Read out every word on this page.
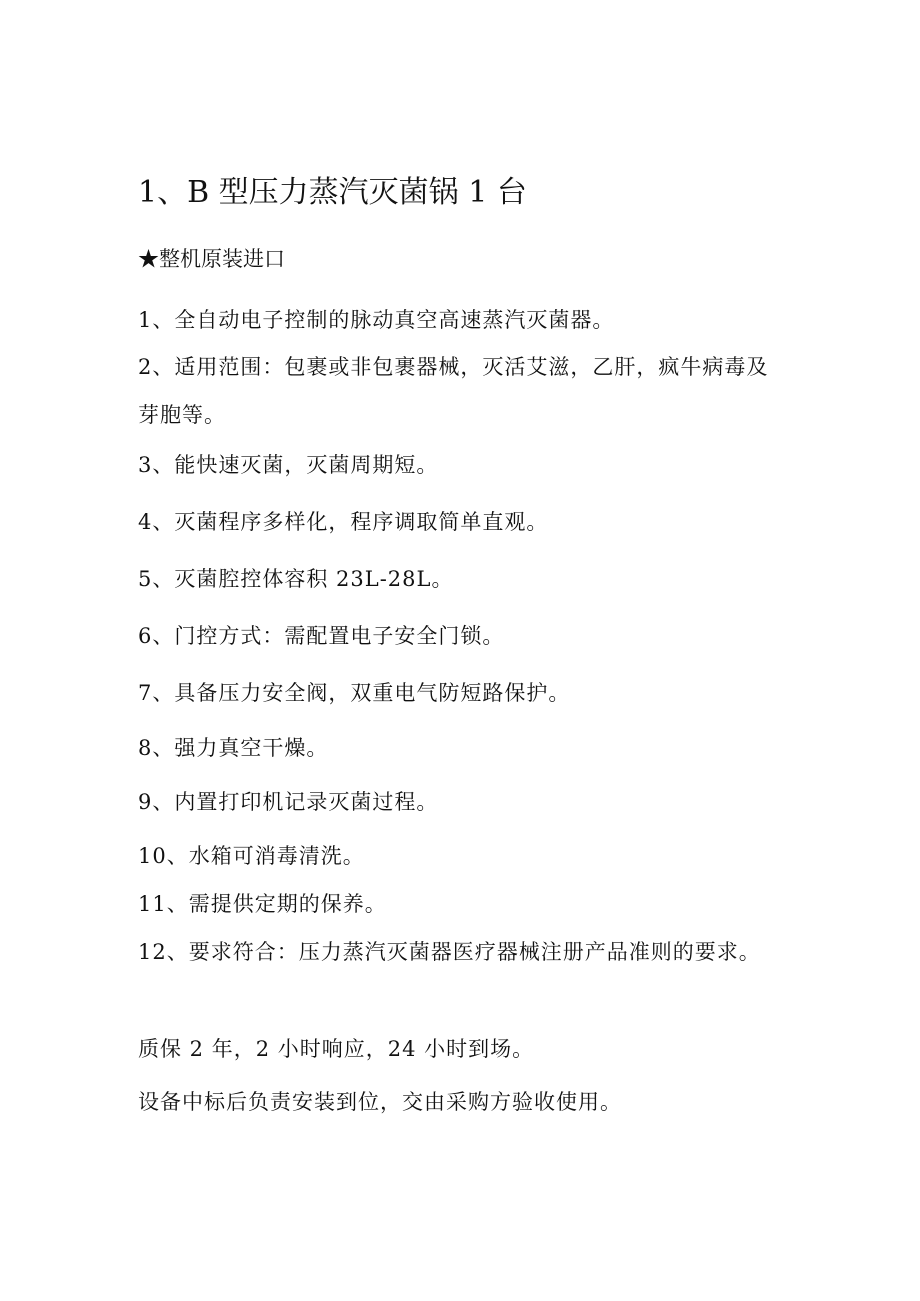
1、B 型压力蒸汽灭菌锅 1 台

★整机原装进口

1、全自动电子控制的脉动真空高速蒸汽灭菌器。

2、适用范围：包裹或非包裹器械，灭活艾滋，乙肝，疯牛病毒及芽胞等。

3、能快速灭菌，灭菌周期短。

4、灭菌程序多样化，程序调取简单直观。

5、灭菌腔控体容积 23L-28L。

6、门控方式：需配置电子安全门锁。

7、具备压力安全阀，双重电气防短路保护。

8、强力真空干燥。

9、内置打印机记录灭菌过程。

10、水箱可消毒清洗。

11、需提供定期的保养。

12、要求符合：压力蒸汽灭菌器医疗器械注册产品准则的要求。

质保 2 年，2 小时响应，24 小时到场。

设备中标后负责安装到位，交由采购方验收使用。
